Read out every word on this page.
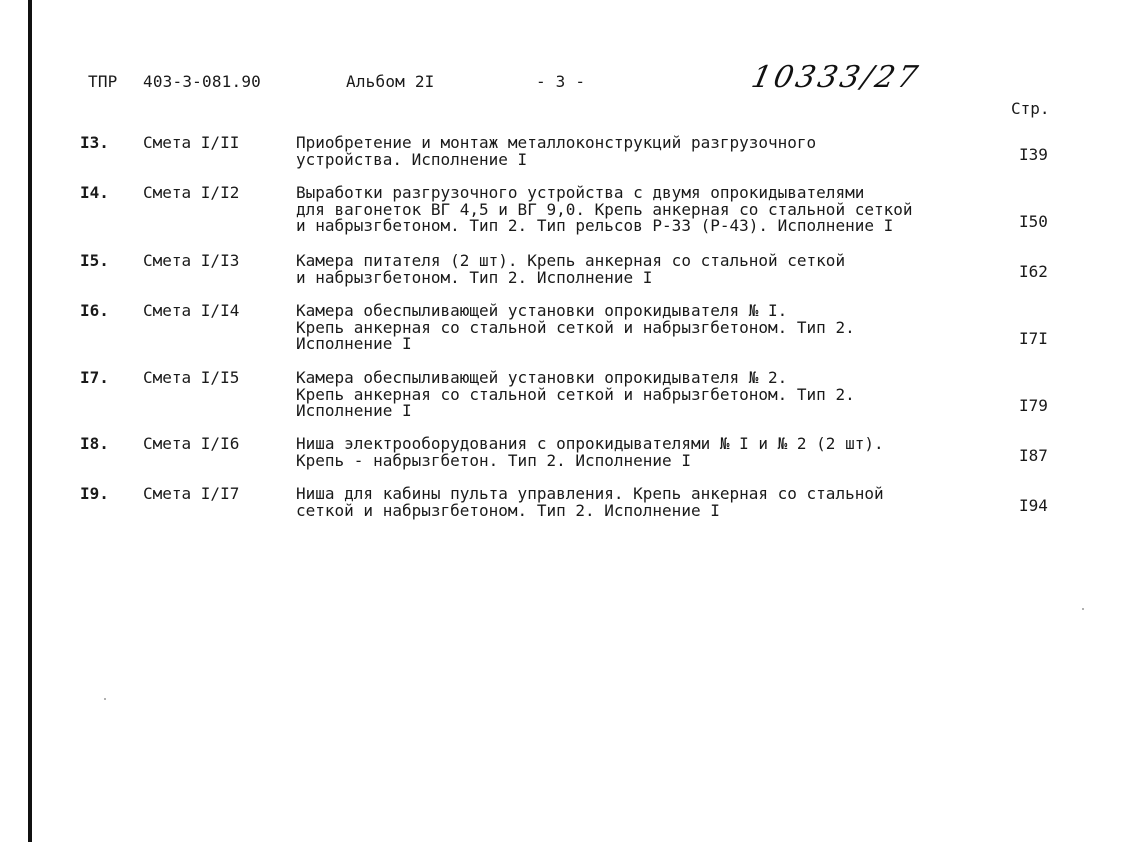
ТПР 403-3-081.90	Альбом 2I	- 3 -	10333/27
Стр.
I3. Смета I/II	Приобретение и монтаж металлоконструкций разгрузочного
устройства. Исполнение I	I39
I4. Смета I/I2	Выработки разгрузочного устройства с двумя опрокидывателями
для вагонеток ВГ 4,5 и ВГ 9,0. Крепь анкерная со стальной сеткой
и набрызгбетоном. Тип 2. Тип рельсов Р-33 (Р-43). Исполнение I	I50
I5. Смета I/I3	Камера питателя (2 шт). Крепь анкерная со стальной сеткой
и набрызгбетоном. Тип 2. Исполнение I	I62
I6. Смета I/I4	Камера обеспыливающей установки опрокидывателя № I.
Крепь анкерная со стальной сеткой и набрызгбетоном. Тип 2.
Исполнение I	I7I
I7. Смета I/I5	Камера обеспыливающей установки опрокидывателя № 2.
Крепь анкерная со стальной сеткой и набрызгбетоном. Тип 2.
Исполнение I	I79
I8. Смета I/I6	Ниша электрооборудования с опрокидывателями № I и № 2 (2 шт).
Крепь - набрызгбетон. Тип 2. Исполнение I	I87
I9. Смета I/I7	Ниша для кабины пульта управления. Крепь анкерная со стальной
сеткой и набрызгбетоном. Тип 2. Исполнение I	I94
